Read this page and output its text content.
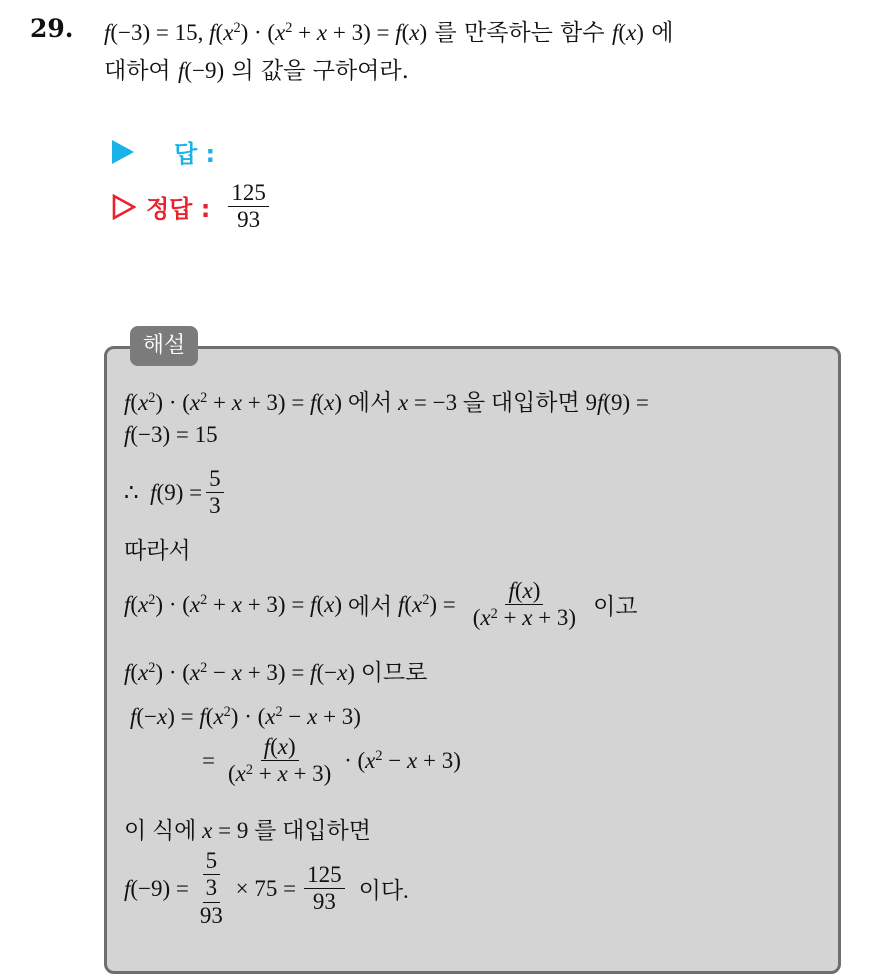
29. f(−3) = 15, $f(x^2) \cdot (x^2 + x + 3) = f(x)$ 를 만족하는 함수 f(x) 에
대하여 f(−9) 의 값을 구하여라.
답 :
정답 : $\frac{125}{93}$
해설
$f(x^2) \cdot (x^2 + x + 3) = f(x)$ 에서 x = −3 을 대입하면 9f(9) =
f(−3) = 15
∴
f $(9) = \frac{5}{3}$
따라서
$f(x^2) \cdot (x^2 + x + 3) = f(x)$ 에서 $f(x^2) = \frac{f(x)}{(x^2 + x + 3)}$ 이고
$f(x^2) \cdot (x^2 - x + 3) = f(-x)$ 이므로
$f(-x) = f(x^2) \cdot (x^2 - x + 3)$
= $\frac{f(x)}{(x^2 + x + 3)} \cdot (x^2 - x + 3)$
이 식에 x = 9 를 대입하면
$f(-9) = \frac{\frac{5}{3}}{93} \times 75 = \frac{125}{93}$ 이다.
